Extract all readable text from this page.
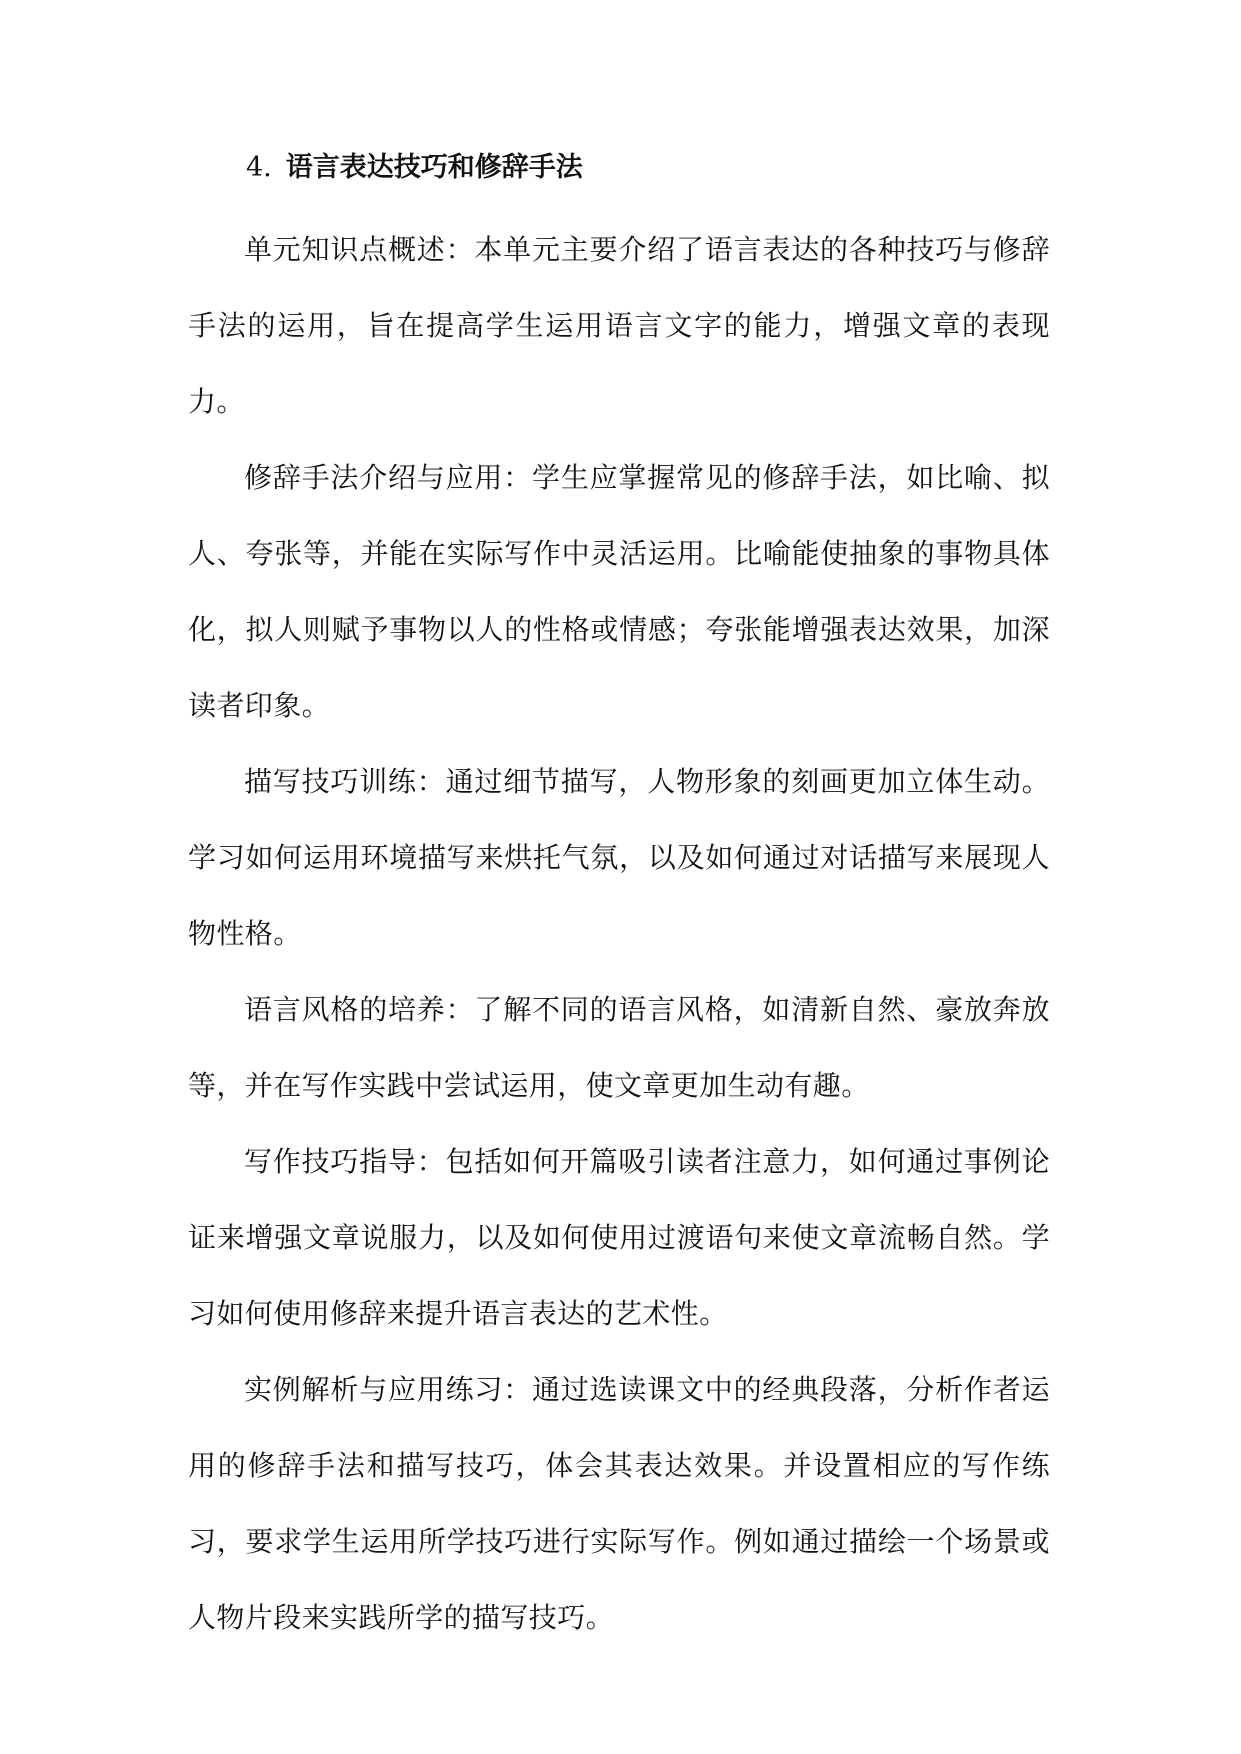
4. 语言表达技巧和修辞手法

单元知识点概述：本单元主要介绍了语言表达的各种技巧与修辞手法的运用，旨在提高学生运用语言文字的能力，增强文章的表现力。

修辞手法介绍与应用：学生应掌握常见的修辞手法，如比喻、拟人、夸张等，并能在实际写作中灵活运用。比喻能使抽象的事物具体化，拟人则赋予事物以人的性格或情感；夸张能增强表达效果，加深读者印象。

描写技巧训练：通过细节描写，人物形象的刻画更加立体生动。学习如何运用环境描写来烘托气氛，以及如何通过对话描写来展现人物性格。

语言风格的培养：了解不同的语言风格，如清新自然、豪放奔放等，并在写作实践中尝试运用，使文章更加生动有趣。

写作技巧指导：包括如何开篇吸引读者注意力，如何通过事例论证来增强文章说服力，以及如何使用过渡语句来使文章流畅自然。学习如何使用修辞来提升语言表达的艺术性。

实例解析与应用练习：通过选读课文中的经典段落，分析作者运用的修辞手法和描写技巧，体会其表达效果。并设置相应的写作练习，要求学生运用所学技巧进行实际写作。例如通过描绘一个场景或人物片段来实践所学的描写技巧。
